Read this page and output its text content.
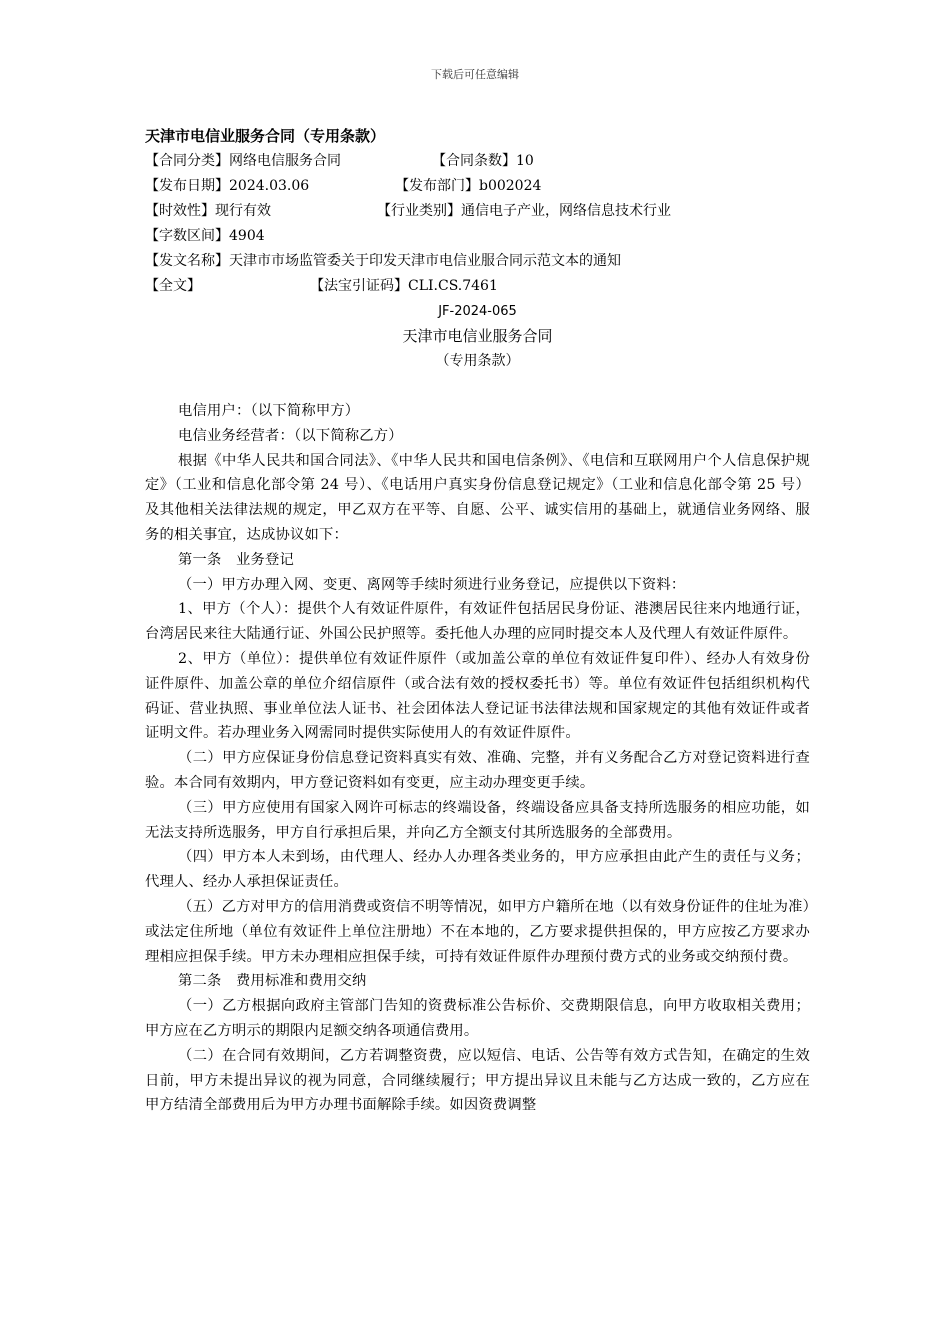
下载后可任意编辑
天津市电信业服务合同（专用条款）
【合同分类】网络电信服务合同	【合同条数】10
【发布日期】2024.03.06	【发布部门】b002024
【时效性】现行有效	【行业类别】通信电子产业，网络信息技术行业
【字数区间】4904
【发文名称】天津市市场监管委关于印发天津市电信业服合同示范文本的通知
【全文】	【法宝引证码】CLI.CS.7461
JF-2024-065
天津市电信业服务合同
（专用条款）

电信用户：（以下简称甲方）

电信业务经营者：（以下简称乙方）

根据《中华人民共和国合同法》、《中华人民共和国电信条例》、《电信和互联网用户个人信息保护规定》（工业和信息化部令第 24 号）、《电话用户真实身份信息登记规定》（工业和信息化部令第 25 号）及其他相关法律法规的规定，甲乙双方在平等、自愿、公平、诚实信用的基础上，就通信业务网络、服务的相关事宜，达成协议如下：

第一条　业务登记

（一）甲方办理入网、变更、离网等手续时须进行业务登记，应提供以下资料：

1、甲方（个人）：提供个人有效证件原件，有效证件包括居民身份证、港澳居民往来内地通行证，台湾居民来往大陆通行证、外国公民护照等。委托他人办理的应同时提交本人及代理人有效证件原件。

2、甲方（单位）：提供单位有效证件原件（或加盖公章的单位有效证件复印件）、经办人有效身份证件原件、加盖公章的单位介绍信原件（或合法有效的授权委托书）等。单位有效证件包括组织机构代码证、营业执照、事业单位法人证书、社会团体法人登记证书法律法规和国家规定的其他有效证件或者证明文件。若办理业务入网需同时提供实际使用人的有效证件原件。

（二）甲方应保证身份信息登记资料真实有效、准确、完整，并有义务配合乙方对登记资料进行查验。本合同有效期内，甲方登记资料如有变更，应主动办理变更手续。

（三）甲方应使用有国家入网许可标志的终端设备，终端设备应具备支持所选服务的相应功能，如无法支持所选服务，甲方自行承担后果，并向乙方全额支付其所选服务的全部费用。

（四）甲方本人未到场，由代理人、经办人办理各类业务的，甲方应承担由此产生的责任与义务；代理人、经办人承担保证责任。

（五）乙方对甲方的信用消费或资信不明等情况，如甲方户籍所在地（以有效身份证件的住址为准）或法定住所地（单位有效证件上单位注册地）不在本地的，乙方要求提供担保的，甲方应按乙方要求办理相应担保手续。甲方未办理相应担保手续，可持有效证件原件办理预付费方式的业务或交纳预付费。

第二条　费用标准和费用交纳

（一）乙方根据向政府主管部门告知的资费标准公告标价、交费期限信息，向甲方收取相关费用；甲方应在乙方明示的期限内足额交纳各项通信费用。

（二）在合同有效期间，乙方若调整资费，应以短信、电话、公告等有效方式告知，在确定的生效日前，甲方未提出异议的视为同意，合同继续履行；甲方提出异议且未能与乙方达成一致的，乙方应在甲方结清全部费用后为甲方办理书面解除手续。如因资费调整
